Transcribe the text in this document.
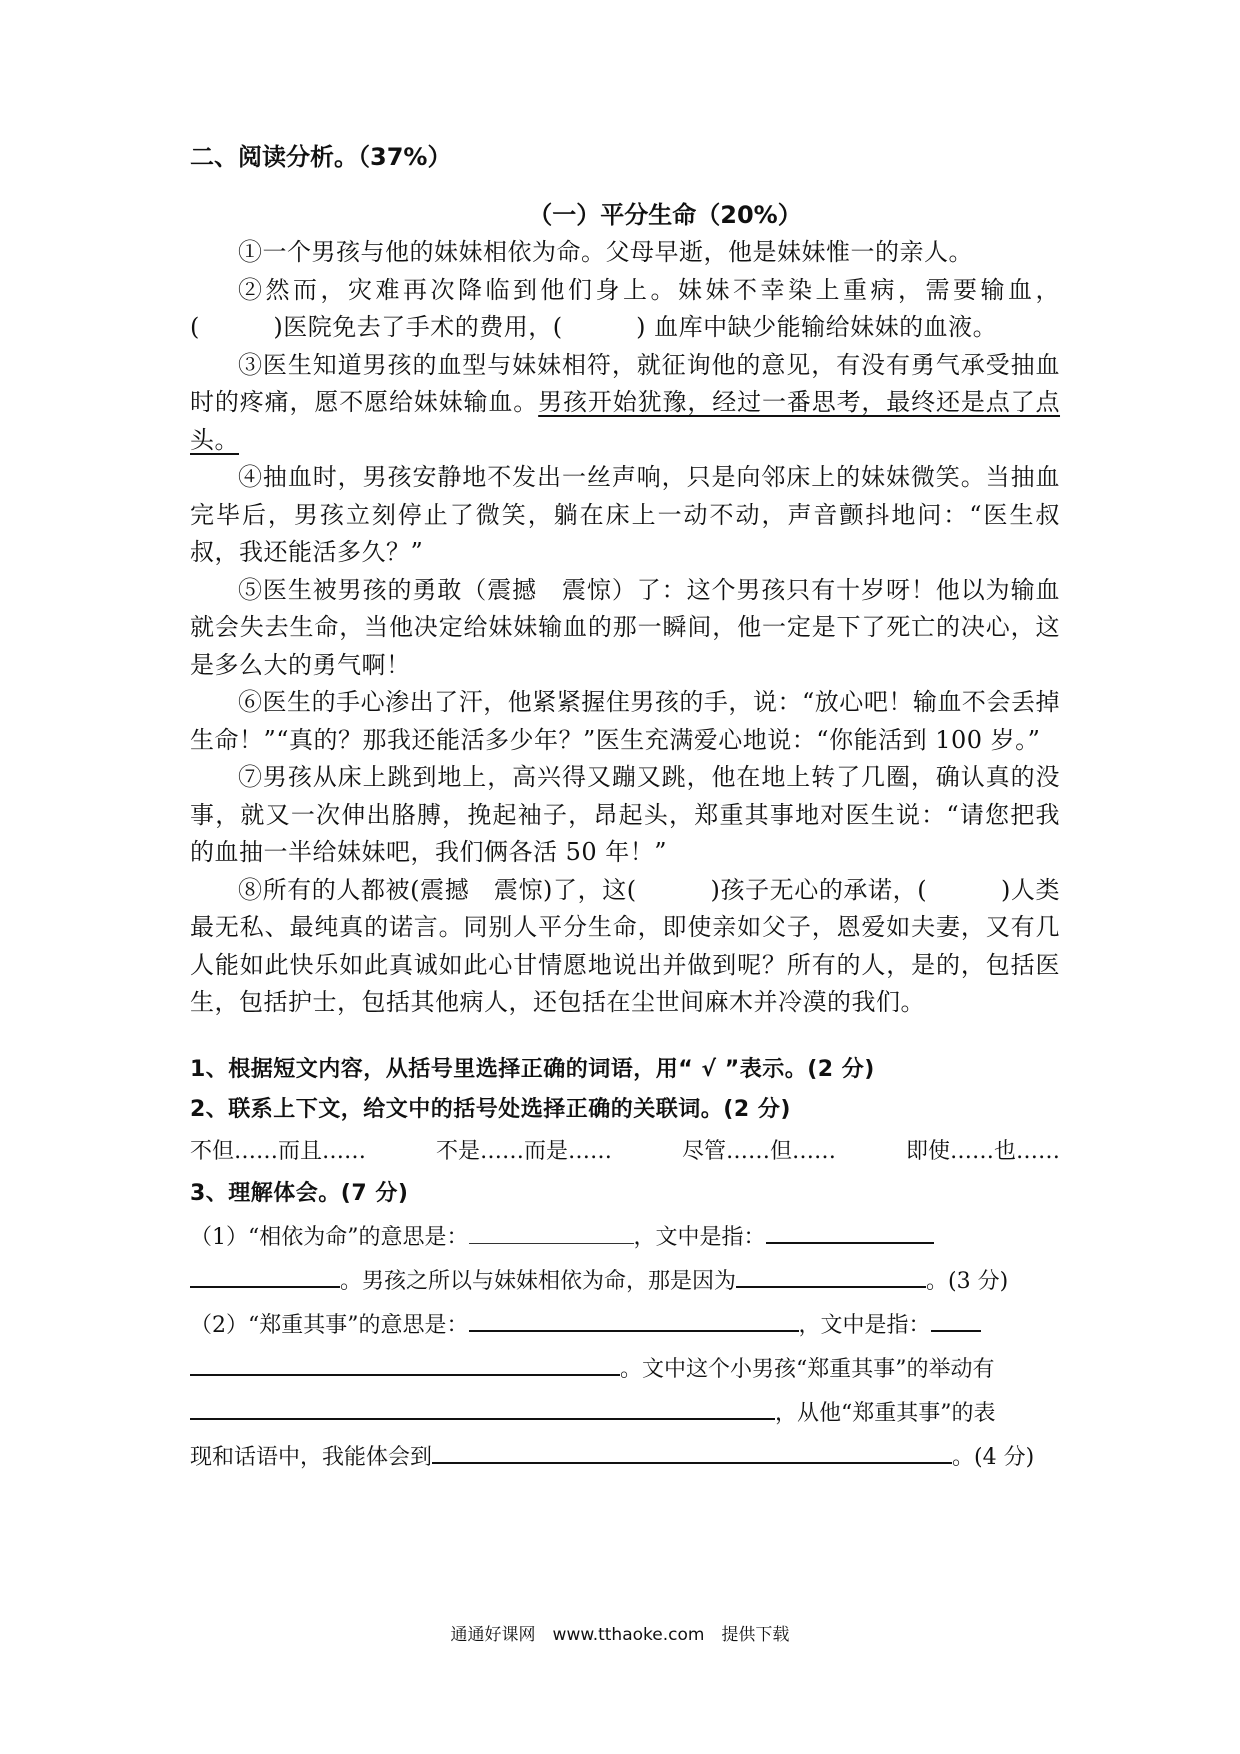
二、阅读分析。（37%）
（一）平分生命（20%）

①一个男孩与他的妹妹相依为命。父母早逝，他是妹妹惟一的亲人。

②然而，灾难再次降临到他们身上。妹妹不幸染上重病，需要输血，(　　　)医院免去了手术的费用，(　　　) 血库中缺少能输给妹妹的血液。

③医生知道男孩的血型与妹妹相符，就征询他的意见，有没有勇气承受抽血时的疼痛，愿不愿给妹妹输血。男孩开始犹豫，经过一番思考，最终还是点了点头。

④抽血时，男孩安静地不发出一丝声响，只是向邻床上的妹妹微笑。当抽血完毕后，男孩立刻停止了微笑，躺在床上一动不动，声音颤抖地问：“医生叔叔，我还能活多久？”

⑤医生被男孩的勇敢（震撼　震惊）了：这个男孩只有十岁呀！他以为输血就会失去生命，当他决定给妹妹输血的那一瞬间，他一定是下了死亡的决心，这是多么大的勇气啊！

⑥医生的手心渗出了汗，他紧紧握住男孩的手，说：“放心吧！输血不会丢掉生命！”“真的？那我还能活多少年？”医生充满爱心地说：“你能活到 100 岁。”

⑦男孩从床上跳到地上，高兴得又蹦又跳，他在地上转了几圈，确认真的没事，就又一次伸出胳膊，挽起袖子，昂起头，郑重其事地对医生说：“请您把我的血抽一半给妹妹吧，我们俩各活 50 年！”

⑧所有的人都被(震撼　震惊)了，这(　　　)孩子无心的承诺，(　　　)人类最无私、最纯真的诺言。同别人平分生命，即使亲如父子，恩爱如夫妻，又有几人能如此快乐如此真诚如此心甘情愿地说出并做到呢？所有的人，是的，包括医生，包括护士，包括其他病人，还包括在尘世间麻木并冷漠的我们。

1、根据短文内容，从括号里选择正确的词语，用“ √ ”表示。(2 分)
2、联系上下文，给文中的括号处选择正确的关联词。(2 分)
不但……而且……	不是……而是……	尽管……但……	即使……也……
3、理解体会。(7 分)
（1）“相依为命”的意思是：	，文中是指：
。男孩之所以与妹妹相依为命，那是因为	。(3 分)
（2）“郑重其事”的意思是：	，文中是指：
。文中这个小男孩“郑重其事”的举动有
，从他“郑重其事”的表
现和话语中，我能体会到	。(4 分)
通通好课网　www.tthaoke.com　提供下载
